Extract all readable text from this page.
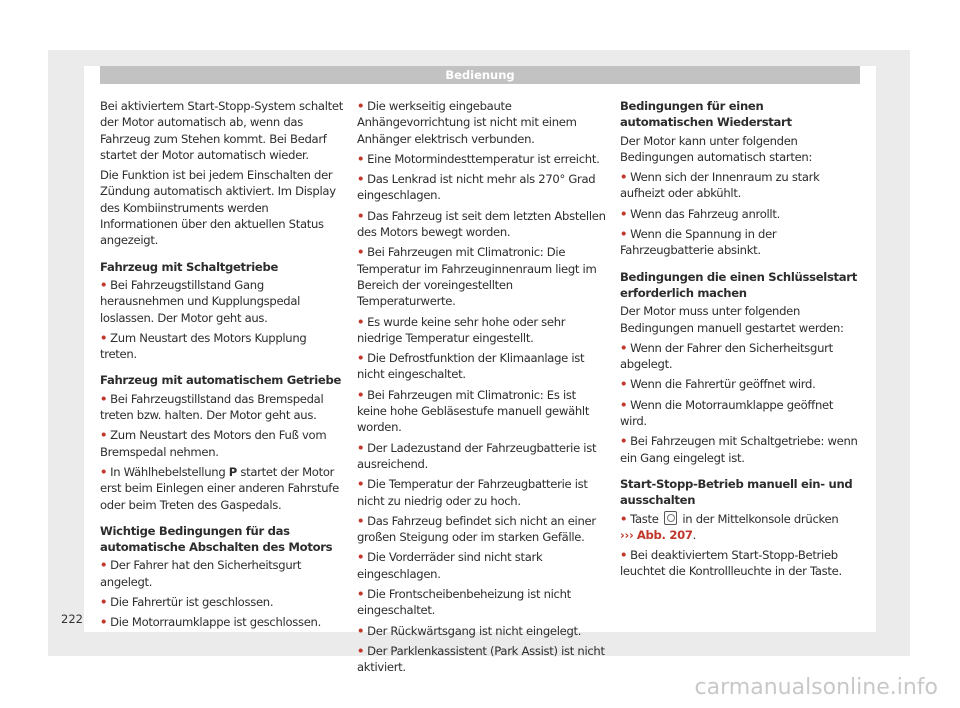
Bedienung

Bei aktiviertem Start-Stopp-System schaltet der Motor automatisch ab, wenn das Fahrzeug zum Stehen kommt. Bei Bedarf startet der Motor automatisch wieder.

Die Funktion ist bei jedem Einschalten der Zündung automatisch aktiviert. Im Display des Kombiinstruments werden Informationen über den aktuellen Status angezeigt.

Fahrzeug mit Schaltgetriebe

• Bei Fahrzeugstillstand Gang herausnehmen und Kupplungspedal loslassen. Der Motor geht aus.

• Zum Neustart des Motors Kupplung treten.

Fahrzeug mit automatischem Getriebe

• Bei Fahrzeugstillstand das Bremspedal treten bzw. halten. Der Motor geht aus.

• Zum Neustart des Motors den Fuß vom Bremspedal nehmen.

• In Wählhebelstellung P startet der Motor erst beim Einlegen einer anderen Fahrstufe oder beim Treten des Gaspedals.

Wichtige Bedingungen für das automatische Abschalten des Motors

• Der Fahrer hat den Sicherheitsgurt angelegt.

• Die Fahrertür ist geschlossen.

• Die Motorraumklappe ist geschlossen.

• Die werkseitig eingebaute Anhängevorrichtung ist nicht mit einem Anhänger elektrisch verbunden.

• Eine Motormindesttemperatur ist erreicht.

• Das Lenkrad ist nicht mehr als 270° Grad eingeschlagen.

• Das Fahrzeug ist seit dem letzten Abstellen des Motors bewegt worden.

• Bei Fahrzeugen mit Climatronic: Die Temperatur im Fahrzeuginnenraum liegt im Bereich der voreingestellten Temperaturwerte.

• Es wurde keine sehr hohe oder sehr niedrige Temperatur eingestellt.

• Die Defrostfunktion der Klimaanlage ist nicht eingeschaltet.

• Bei Fahrzeugen mit Climatronic: Es ist keine hohe Gebläsestufe manuell gewählt worden.

• Der Ladezustand der Fahrzeugbatterie ist ausreichend.

• Die Temperatur der Fahrzeugbatterie ist nicht zu niedrig oder zu hoch.

• Das Fahrzeug befindet sich nicht an einer großen Steigung oder im starken Gefälle.

• Die Vorderräder sind nicht stark eingeschlagen.

• Die Frontscheibenbeheizung ist nicht eingeschaltet.

• Der Rückwärtsgang ist nicht eingelegt.

• Der Parklenkassistent (Park Assist) ist nicht aktiviert.

Bedingungen für einen automatischen Wiederstart

Der Motor kann unter folgenden Bedingungen automatisch starten:

• Wenn sich der Innenraum zu stark aufheizt oder abkühlt.

• Wenn das Fahrzeug anrollt.

• Wenn die Spannung in der Fahrzeugbatterie absinkt.

Bedingungen die einen Schlüsselstart erforderlich machen

Der Motor muss unter folgenden Bedingungen manuell gestartet werden:

• Wenn der Fahrer den Sicherheitsgurt abgelegt.

• Wenn die Fahrertür geöffnet wird.

• Wenn die Motorraumklappe geöffnet wird.

• Bei Fahrzeugen mit Schaltgetriebe: wenn ein Gang eingelegt ist.

Start-Stopp-Betrieb manuell ein- und ausschalten

• Taste  in der Mittelkonsole drücken
››› Abb. 207.

• Bei deaktiviertem Start-Stopp-Betrieb leuchtet die Kontrollleuchte in der Taste.

222
carmanualsonline.info
